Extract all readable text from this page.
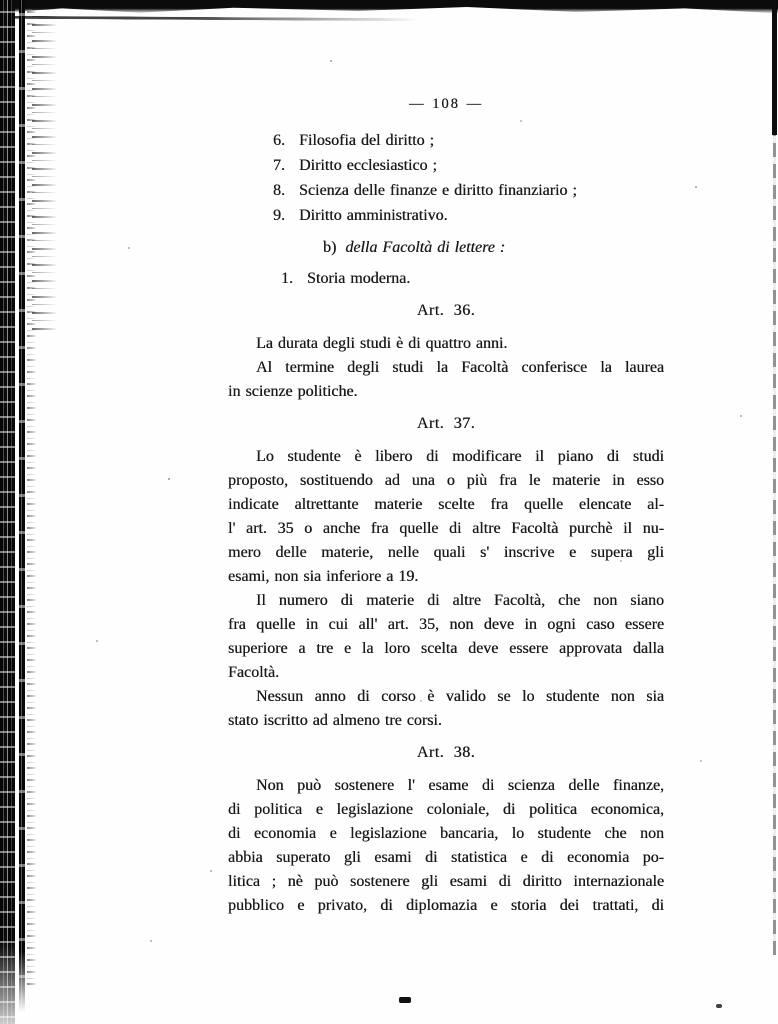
— 108 —
6. Filosofia del diritto ;
7. Diritto ecclesiastico ;
8. Scienza delle finanze e diritto finanziario ;
9. Diritto amministrativo.
b) della Facoltà di lettere :
1. Storia moderna.
Art. 36.
La durata degli studi è di quattro anni.
Al termine degli studi la Facoltà conferisce la laurea
in scienze politiche.
Art. 37.
Lo studente è libero di modificare il piano di studi
proposto, sostituendo ad una o più fra le materie in esso
indicate altrettante materie scelte fra quelle elencate al-
l' art. 35 o anche fra quelle di altre Facoltà purchè il nu-
mero delle materie, nelle quali s' inscrive e supera gli
esami, non sia inferiore a 19.
Il numero di materie di altre Facoltà, che non siano
fra quelle in cui all' art. 35, non deve in ogni caso essere
superiore a tre e la loro scelta deve essere approvata dalla
Facoltà.
Nessun anno di corso è valido se lo studente non sia
stato iscritto ad almeno tre corsi.
Art. 38.
Non può sostenere l' esame di scienza delle finanze,
di politica e legislazione coloniale, di politica economica,
di economia e legislazione bancaria, lo studente che non
abbia superato gli esami di statistica e di economia po-
litica ; nè può sostenere gli esami di diritto internazionale
pubblico e privato, di diplomazia e storia dei trattati, di
